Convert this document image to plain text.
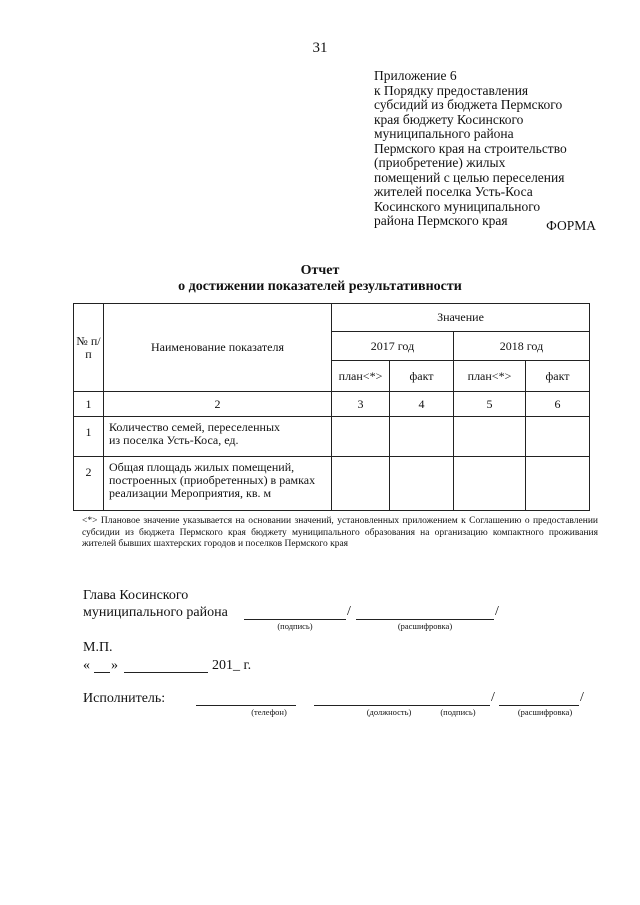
31
Приложение 6
к Порядку предоставления
субсидий из бюджета Пермского
края бюджету Косинского
муниципального района
Пермского края на строительство
(приобретение) жилых
помещений с целью переселения
жителей поселка Усть-Коса
Косинского муниципального
района Пермского края	ФОРМА
Отчет
о достижении показателей результативности
№ п/п	Наименование показателя	Значение			
		2017 год		2018 год	
		план<*>	факт	план<*>	факт
1	2	3	4	5	6
1	Количество семей, переселенных
из поселка Усть-Коса, ед.				

2	Общая площадь жилых помещений,
построенных (приобретенных) в рамках
реализации Мероприятия, кв. м				

<*> Плановое значение указывается на основании значений, установленных приложением к Соглашению о предоставлении субсидии из бюджета Пермского края бюджету муниципального образования на организацию компактного проживания жителей бывших шахтерских городов и поселков Пермского края
Глава Косинского
муниципального района	/	/
(подпись)	(расшифровка)
М.П.
« »	201_ г.
Исполнитель:	/	/
(телефон)	(должность)	(подпись)	(расшифровка)
